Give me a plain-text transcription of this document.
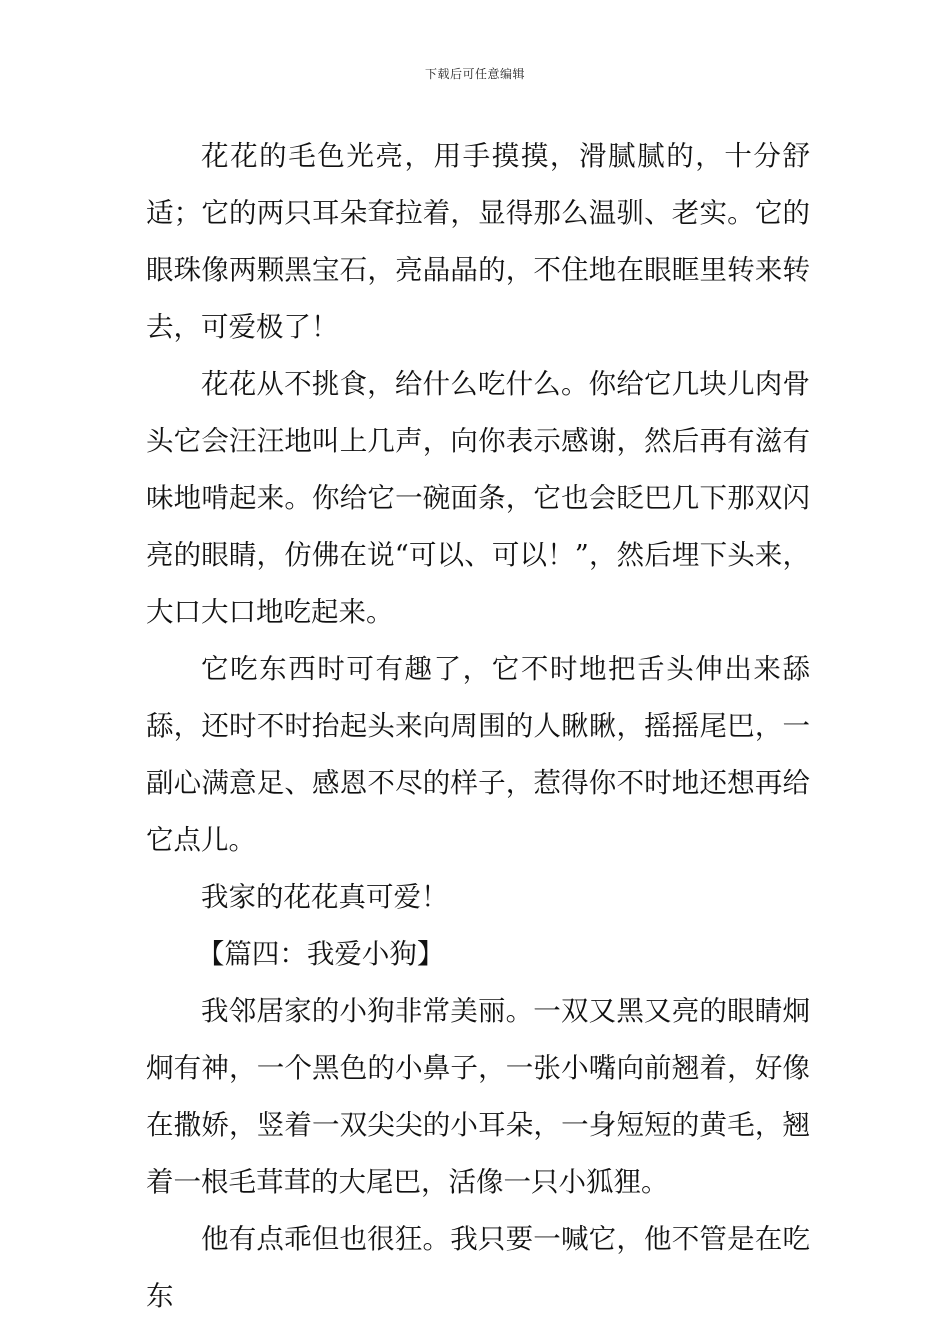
下载后可任意编辑

花花的毛色光亮，用手摸摸，滑腻腻的，十分舒适；它的两只耳朵耷拉着，显得那么温驯、老实。它的眼珠像两颗黑宝石，亮晶晶的，不住地在眼眶里转来转去，可爱极了！

花花从不挑食，给什么吃什么。你给它几块儿肉骨头它会汪汪地叫上几声，向你表示感谢，然后再有滋有味地啃起来。你给它一碗面条，它也会眨巴几下那双闪亮的眼睛，仿佛在说“可以、可以！”，然后埋下头来，大口大口地吃起来。

它吃东西时可有趣了，它不时地把舌头伸出来舔舔，还时不时抬起头来向周围的人瞅瞅，摇摇尾巴，一副心满意足、感恩不尽的样子，惹得你不时地还想再给它点儿。

我家的花花真可爱！

【篇四：我爱小狗】

我邻居家的小狗非常美丽。一双又黑又亮的眼睛炯炯有神，一个黑色的小鼻子，一张小嘴向前翘着，好像在撒娇，竖着一双尖尖的小耳朵，一身短短的黄毛，翘着一根毛茸茸的大尾巴，活像一只小狐狸。

他有点乖但也很狂。我只要一喊它，他不管是在吃东
